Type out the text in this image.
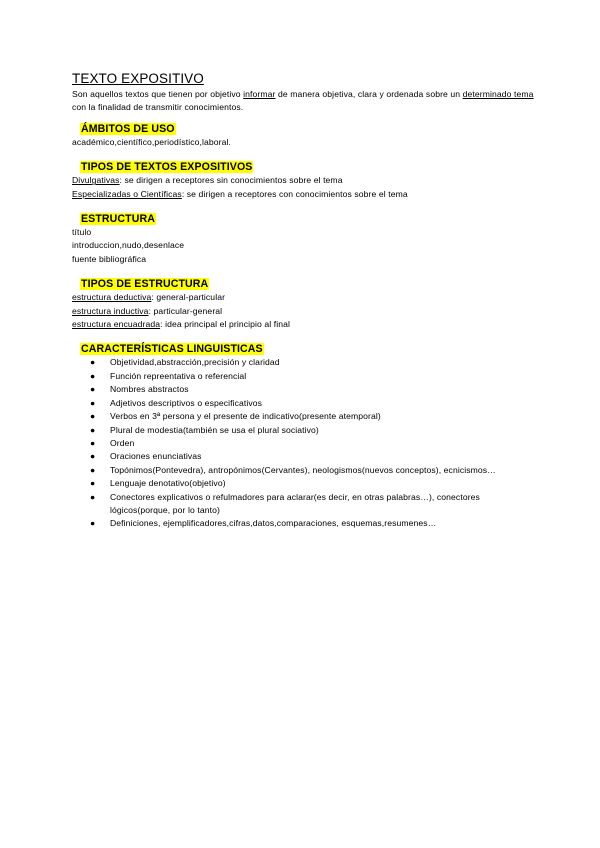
TEXTO EXPOSITIVO

Son aquellos textos que tienen por objetivo informar de manera objetiva, clara y ordenada sobre un determinado tema con la finalidad de transmitir conocimientos.

ÁMBITOS DE USO

académico,científico,periodístico,laboral.

TIPOS DE TEXTOS EXPOSITIVOS

Divulgativas: se dirigen a receptores sin conocimientos sobre el tema

Especializadas o Científicas: se dirigen a receptores con conocimientos sobre el tema

ESTRUCTURA

título

introduccion,nudo,desenlace

fuente bibliográfica

TIPOS DE ESTRUCTURA

estructura deductiva: general-particular

estructura inductiva: particular-general

estructura encuadrada: idea principal el principio al final

CARACTERÍSTICAS LINGUISTICAS

● Objetividad,abstracción,precisión y claridad
● Función repreentativa o referencial
● Nombres abstractos
● Adjetivos descriptivos o especificativos
● Verbos en 3ª persona y el presente de indicativo(presente atemporal)
● Plural de modestia(también se usa el plural sociativo)
● Orden
● Oraciones enunciativas
● Topónimos(Pontevedra), antropónimos(Cervantes), neologismos(nuevos conceptos), ecnicismos…
● Lenguaje denotativo(objetivo)
● Conectores explicativos o refulmadores para aclarar(es decir, en otras palabras…), conectores lógicos(porque, por lo tanto)
● Definiciones, ejemplificadores,cifras,datos,comparaciones, esquemas,resumenes…
